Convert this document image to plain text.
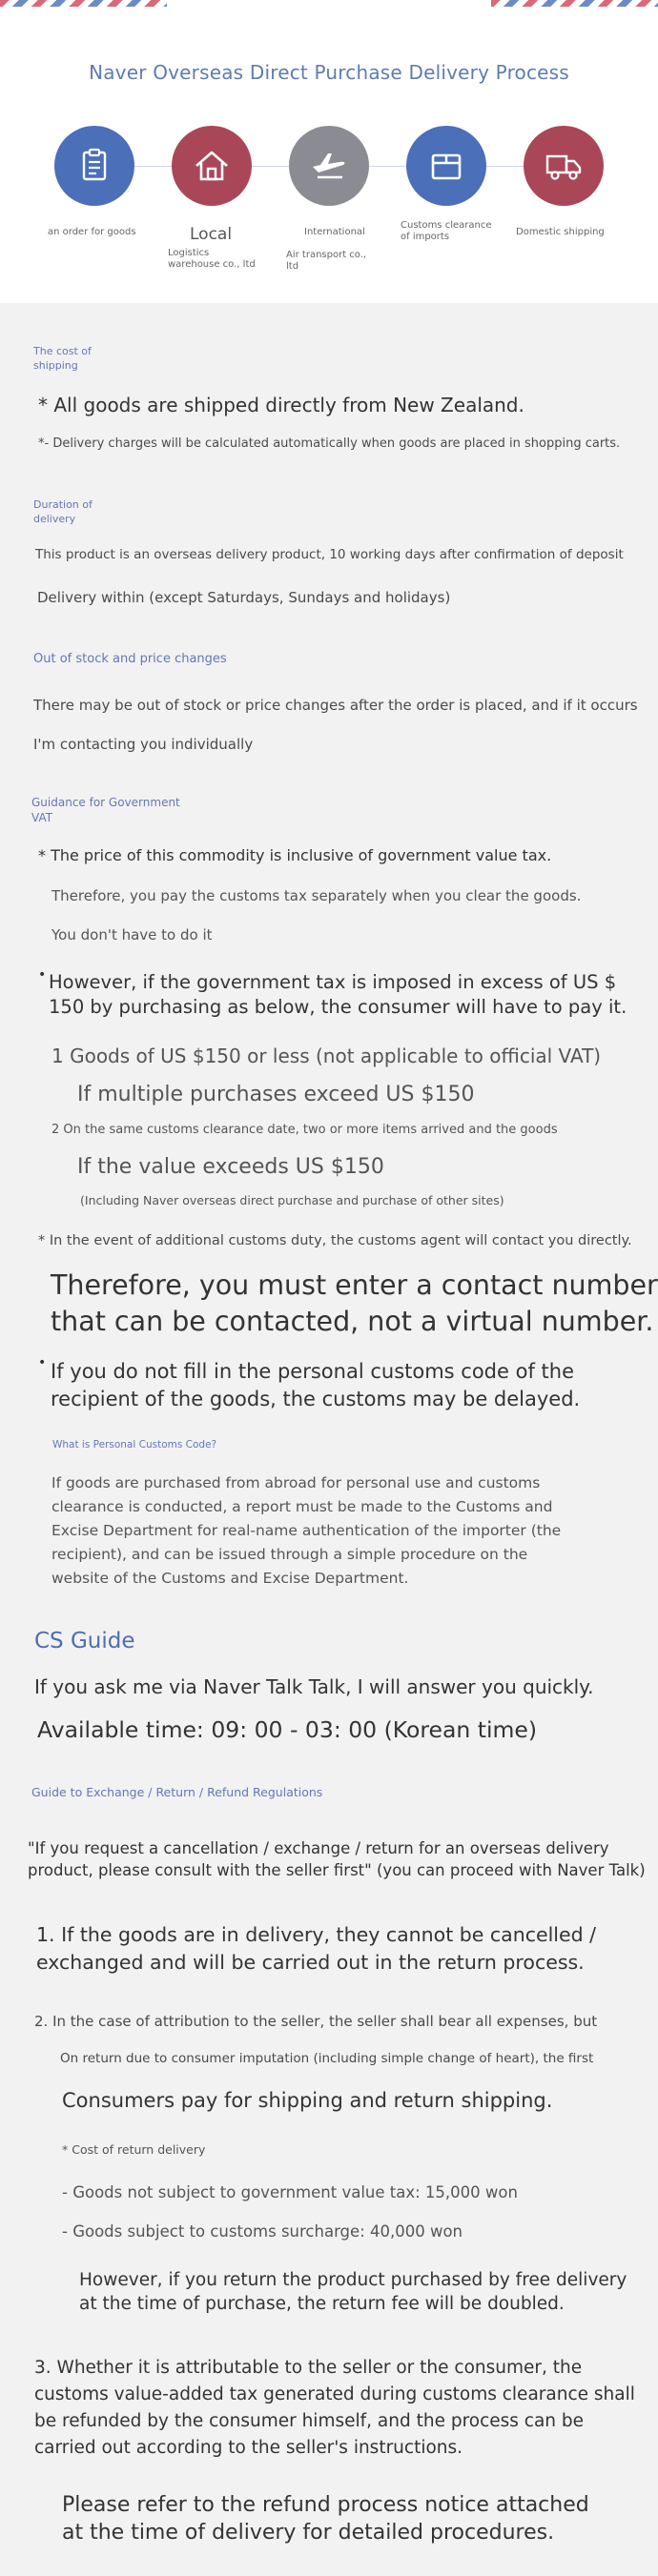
Naver Overseas Direct Purchase Delivery Process
an order for goods	Local
Logistics
warehouse co., ltd
International
Air transport co.,
ltd
Customs clearance
of imports	Domestic shipping
The cost of
shipping
* All goods are shipped directly from New Zealand.
*- Delivery charges will be calculated automatically when goods are placed in shopping carts.
Duration of
delivery
This product is an overseas delivery product, 10 working days after confirmation of deposit
Delivery within (except Saturdays, Sundays and holidays)
Out of stock and price changes
There may be out of stock or price changes after the order is placed, and if it occurs
I'm contacting you individually
Guidance for Government
VAT
* The price of this commodity is inclusive of government value tax.
Therefore, you pay the customs tax separately when you clear the goods.
You don't have to do it
• However, if the government tax is imposed in excess of US $
150 by purchasing as below, the consumer will have to pay it.
1 Goods of US $150 or less (not applicable to official VAT)
If multiple purchases exceed US $150
2 On the same customs clearance date, two or more items arrived and the goods
If the value exceeds US $150
(Including Naver overseas direct purchase and purchase of other sites)
* In the event of additional customs duty, the customs agent will contact you directly.
Therefore, you must enter a contact number
that can be contacted, not a virtual number.
• If you do not fill in the personal customs code of the
recipient of the goods, the customs may be delayed.
What is Personal Customs Code?
If goods are purchased from abroad for personal use and customs
clearance is conducted, a report must be made to the Customs and
Excise Department for real-name authentication of the importer (the
recipient), and can be issued through a simple procedure on the
website of the Customs and Excise Department.
CS Guide
If you ask me via Naver Talk Talk, I will answer you quickly.
Available time: 09: 00 - 03: 00 (Korean time)
Guide to Exchange / Return / Refund Regulations
"If you request a cancellation / exchange / return for an overseas delivery
product, please consult with the seller first" (you can proceed with Naver Talk)
1. If the goods are in delivery, they cannot be cancelled /
exchanged and will be carried out in the return process.
2. In the case of attribution to the seller, the seller shall bear all expenses, but
On return due to consumer imputation (including simple change of heart), the first
Consumers pay for shipping and return shipping.
* Cost of return delivery
- Goods not subject to government value tax: 15,000 won
- Goods subject to customs surcharge: 40,000 won
However, if you return the product purchased by free delivery
at the time of purchase, the return fee will be doubled.
3. Whether it is attributable to the seller or the consumer, the
customs value-added tax generated during customs clearance shall
be refunded by the consumer himself, and the process can be
carried out according to the seller's instructions.
Please refer to the refund process notice attached
at the time of delivery for detailed procedures.
